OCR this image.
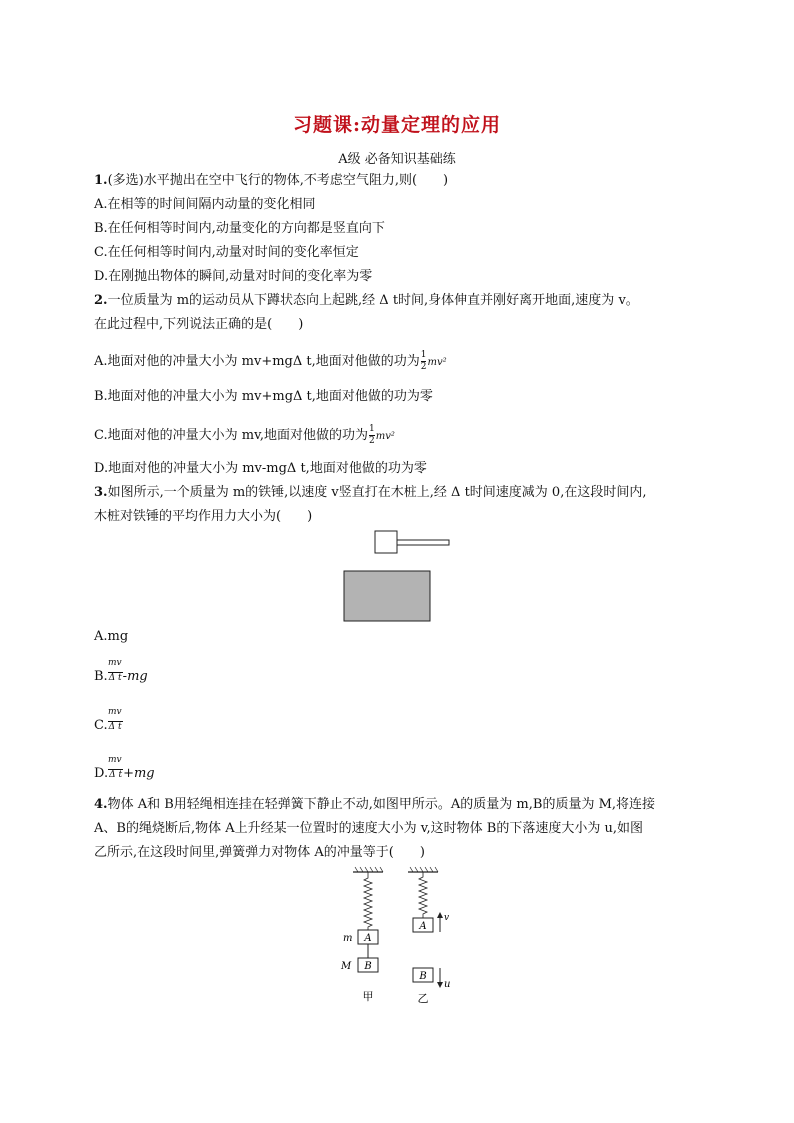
习题课:动量定理的应用
A级 必备知识基础练
1.(多选)水平抛出在空中飞行的物体,不考虑空气阻力,则(　　)
A.在相等的时间间隔内动量的变化相同
B.在任何相等时间内,动量变化的方向都是竖直向下
C.在任何相等时间内,动量对时间的变化率恒定
D.在刚抛出物体的瞬间,动量对时间的变化率为零
2.一位质量为 m的运动员从下蹲状态向上起跳,经 Δ t时间,身体伸直并刚好离开地面,速度为 v。
在此过程中,下列说法正确的是(　　)
A.地面对他的冲量大小为 mv+mgΔ t,地面对他做的功为 $\frac{1}{2} mv^2$
B.地面对他的冲量大小为 mv+mgΔ t,地面对他做的功为零
C.地面对他的冲量大小为 mv,地面对他做的功为 $\frac{1}{2} mv^2$
D.地面对他的冲量大小为 mv-mgΔ t,地面对他做的功为零
3.如图所示,一个质量为 m的铁锤,以速度 v竖直打在木桩上,经 Δ t时间速度减为 0,在这段时间内,
木桩对铁锤的平均作用力大小为(　　)
A.mg
mv
B.Δ t-mg
mv
C.Δ t
mv
D.Δ t+mg
4.物体 A和 B用轻绳相连挂在轻弹簧下静止不动,如图甲所示。A的质量为 m,B的质量为 M,将连接
A、B的绳烧断后,物体 A上升经某一位置时的速度大小为 v,这时物体 B的下落速度大小为 u,如图
乙所示,在这段时间里,弹簧弹力对物体 A的冲量等于(　　)
A
m
B
M
甲
A
v
B
u
乙
